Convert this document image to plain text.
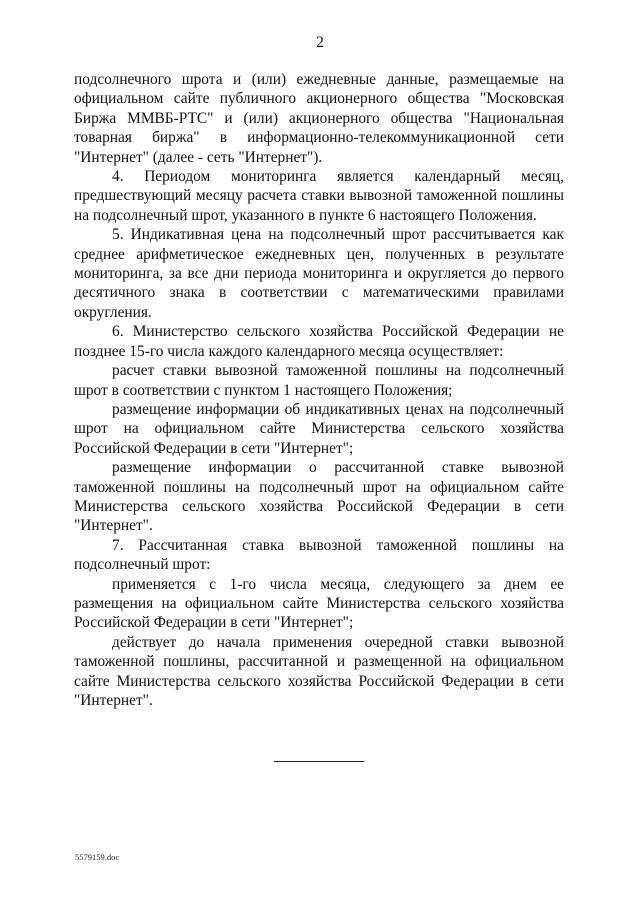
2

подсолнечного шрота и (или) ежедневные данные, размещаемые на официальном сайте публичного акционерного общества "Московская Биржа ММВБ-РТС" и (или) акционерного общества "Национальная товарная биржа" в информационно-телекоммуникационной сети "Интернет" (далее - сеть "Интернет").

4. Периодом мониторинга является календарный месяц, предшествующий месяцу расчета ставки вывозной таможенной пошлины на подсолнечный шрот, указанного в пункте 6 настоящего Положения.

5. Индикативная цена на подсолнечный шрот рассчитывается как среднее арифметическое ежедневных цен, полученных в результате мониторинга, за все дни периода мониторинга и округляется до первого десятичного знака в соответствии с математическими правилами округления.

6. Министерство сельского хозяйства Российской Федерации не позднее 15-го числа каждого календарного месяца осуществляет:

расчет ставки вывозной таможенной пошлины на подсолнечный шрот в соответствии с пунктом 1 настоящего Положения;

размещение информации об индикативных ценах на подсолнечный шрот на официальном сайте Министерства сельского хозяйства Российской Федерации в сети "Интернет";

размещение информации о рассчитанной ставке вывозной таможенной пошлины на подсолнечный шрот на официальном сайте Министерства сельского хозяйства Российской Федерации в сети "Интернет".

7. Рассчитанная ставка вывозной таможенной пошлины на подсолнечный шрот:

применяется с 1-го числа месяца, следующего за днем ее размещения на официальном сайте Министерства сельского хозяйства Российской Федерации в сети "Интернет";

действует до начала применения очередной ставки вывозной таможенной пошлины, рассчитанной и размещенной на официальном сайте Министерства сельского хозяйства Российской Федерации в сети "Интернет".

5579159.doc
